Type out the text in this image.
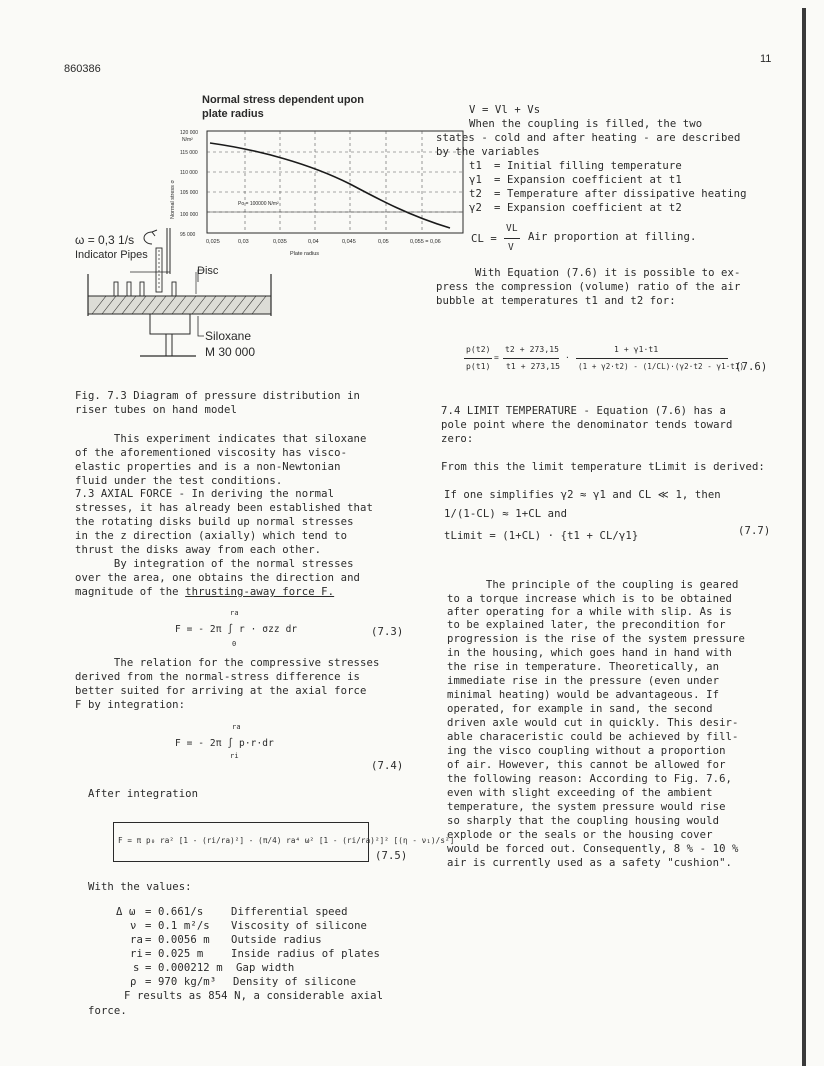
860386
11
Normal stress dependent upon
plate radius
120 000
115 000
110 000
105 000
100 000
95 000
N/m²
Po = 100000 N/m²
Normal stress σ
0,025	0,03	0,035	0,04	0,045	0,05	0,055 = 0,06
Plate radius
ω = 0,3 1/s
Indicator Pipes
Disc
Siloxane
M 30 000
Fig. 7.3 Diagram of pressure distribution in
riser tubes on hand model
This experiment indicates that siloxane
of the aforementioned viscosity has visco-
elastic properties and is a non-Newtonian
fluid under the test conditions.
7.3 AXIAL FORCE - In deriving the normal
stresses, it has already been established that
the rotating disks build up normal stresses
in the z direction (axially) which tend to
thrust the disks away from each other.
By integration of the normal stresses
over the area, one obtains the direction and
magnitude of the thrusting-away force F.
ra
F = - 2π ∫ r · σzz dr
0
(7.3)
The relation for the compressive stresses
derived from the normal-stress difference is
better suited for arriving at the axial force
F by integration:
ra
F = - 2π ∫ p·r·dr
ri
(7.4)
After integration
F = π p₀ ra² [1 - (ri/ra)²] - (π/4) ra⁴ ω² [1 - (ri/ra)²]² [(η - ν₁)/s²]
(7.5)
With the values:
Δ ω = 0.661/s	Differential speed
ν = 0.1 m²/s Viscosity of silicone
ra = 0.0056 m Outside radius
ri = 0.025 m	Inside radius of plates
s = 0.000212 m Gap width
ρ = 970 kg/m³ Density of silicone
F results as 854 N, a considerable axial
force.
V = Vl + Vs
When the coupling is filled, the two
states - cold and after heating - are described
by the variables
t1 = Initial filling temperature
γ1 = Expansion coefficient at t1
t2 = Temperature after dissipative heating
γ2 = Expansion coefficient at t2
CL =
VL
V
Air proportion at filling.
With Equation (7.6) it is possible to ex-
press the compression (volume) ratio of the air
bubble at temperatures t1 and t2 for:
p(t2)
p(t1)
=
t2 + 273,15
t1 + 273,15
·
1 + γ1·t1
(1 + γ2·t2) - (1/CL)·(γ2·t2 - γ1·t1)
(7.6)
7.4 LIMIT TEMPERATURE - Equation (7.6) has a
pole point where the denominator tends toward
zero:
From this the limit temperature tLimit is derived:
If one simplifies γ2 ≈ γ1 and CL ≪ 1, then
1/(1-CL) ≈ 1+CL and
tLimit = (1+CL) · {t1 + CL/γ1}	(7.7)
The principle of the coupling is geared
to a torque increase which is to be obtained
after operating for a while with slip. As is
to be explained later, the precondition for
progression is the rise of the system pressure
in the housing, which goes hand in hand with
the rise in temperature. Theoretically, an
immediate rise in the pressure (even under
minimal heating) would be advantageous. If
operated, for example in sand, the second
driven axle would cut in quickly. This desir-
able characeristic could be achieved by fill-
ing the visco coupling without a proportion
of air. However, this cannot be allowed for
the following reason: According to Fig. 7.6,
even with slight exceeding of the ambient
temperature, the system pressure would rise
so sharply that the coupling housing would
explode or the seals or the housing cover
would be forced out. Consequently, 8 % - 10 %
air is currently used as a safety "cushion".
